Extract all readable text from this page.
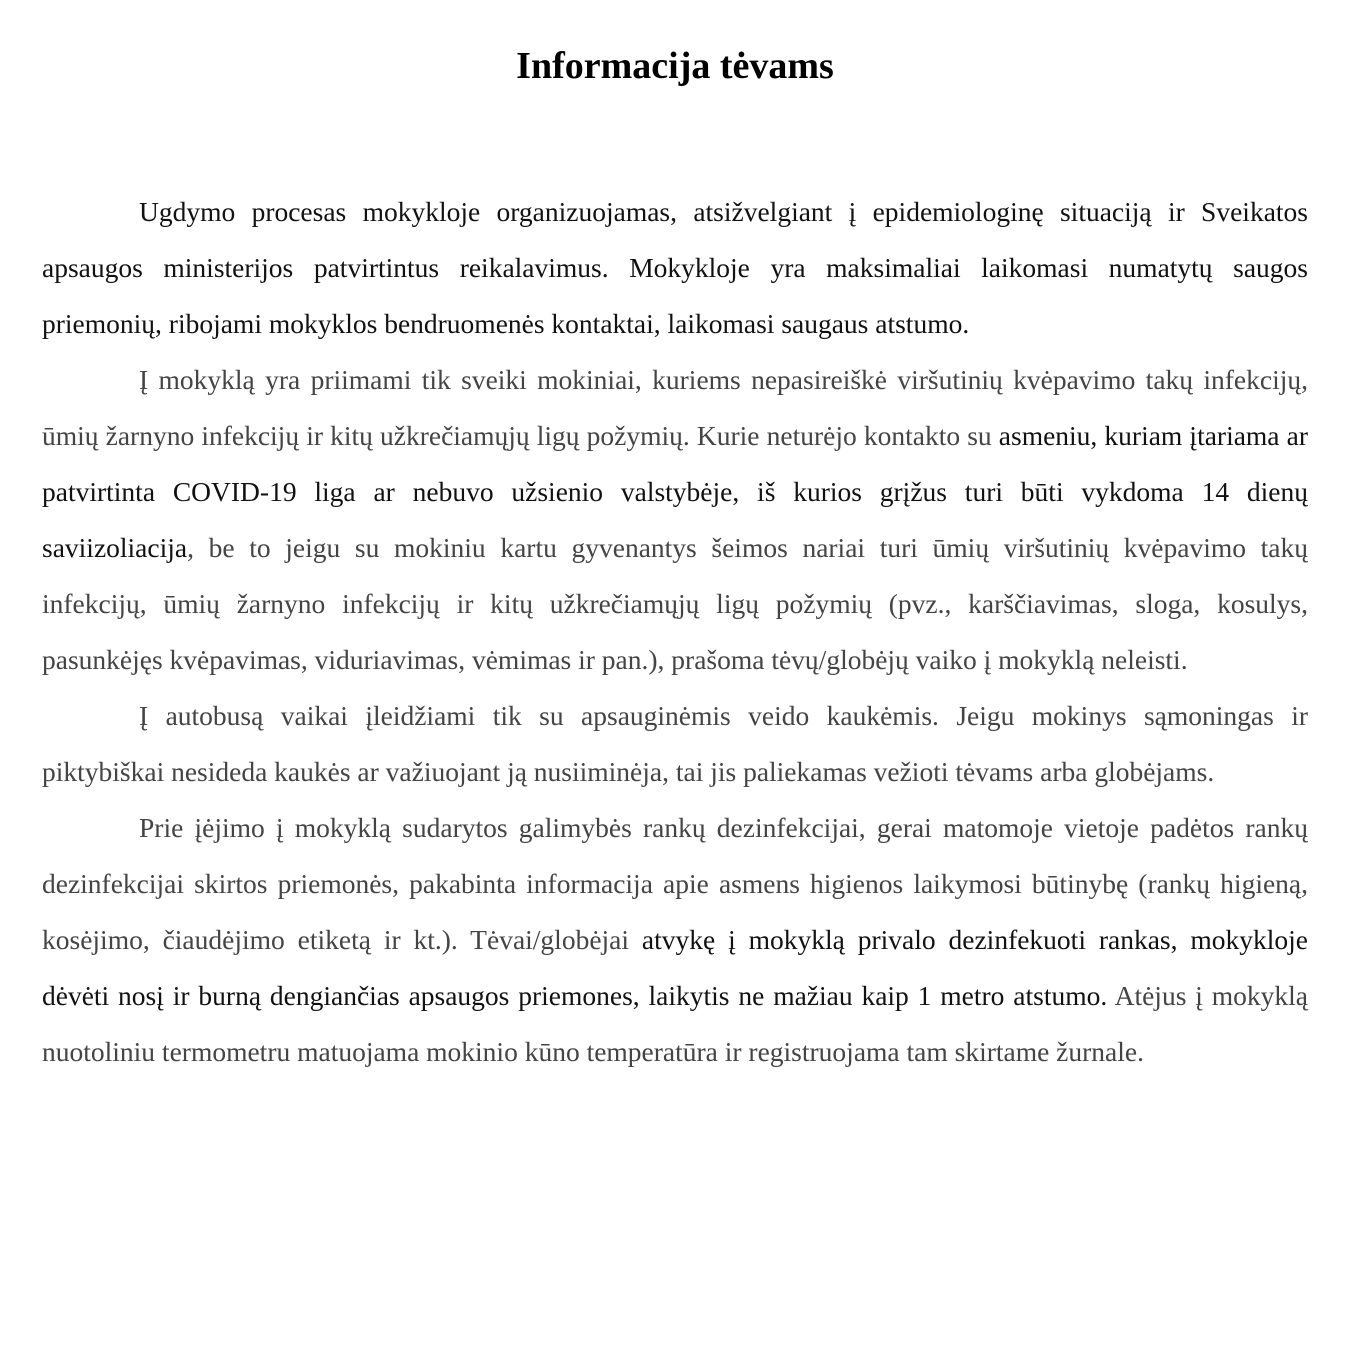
Informacija tėvams

Ugdymo procesas mokykloje organizuojamas, atsižvelgiant į epidemiologinę situaciją ir Sveikatos apsaugos ministerijos patvirtintus reikalavimus. Mokykloje yra maksimaliai laikomasi numatytų saugos priemonių, ribojami mokyklos bendruomenės kontaktai, laikomasi saugaus atstumo.

Į mokyklą yra priimami tik sveiki mokiniai, kuriems nepasireiškė viršutinių kvėpavimo takų infekcijų, ūmių žarnyno infekcijų ir kitų užkrečiamųjų ligų požymių. Kurie neturėjo kontakto su asmeniu, kuriam įtariama ar patvirtinta COVID-19 liga ar nebuvo užsienio valstybėje, iš kurios grįžus turi būti vykdoma 14 dienų saviizoliacija, be to jeigu su mokiniu kartu gyvenantys šeimos nariai turi ūmių viršutinių kvėpavimo takų infekcijų, ūmių žarnyno infekcijų ir kitų užkrečiamųjų ligų požymių (pvz., karščiavimas, sloga, kosulys, pasunkėjęs kvėpavimas, viduriavimas, vėmimas ir pan.), prašoma tėvų/globėjų vaiko į mokyklą neleisti.

Į autobusą vaikai įleidžiami tik su apsauginėmis veido kaukėmis. Jeigu mokinys sąmoningas ir piktybiškai nesideda kaukės ar važiuojant ją nusiiminėja, tai jis paliekamas vežioti tėvams arba globėjams.

Prie įėjimo į mokyklą sudarytos galimybės rankų dezinfekcijai, gerai matomoje vietoje padėtos rankų dezinfekcijai skirtos priemonės, pakabinta informacija apie asmens higienos laikymosi būtinybę (rankų higieną, kosėjimo, čiaudėjimo etiketą ir kt.). Tėvai/globėjai atvykę į mokyklą privalo dezinfekuoti rankas, mokykloje dėvėti nosį ir burną dengiančias apsaugos priemones, laikytis ne mažiau kaip 1 metro atstumo. Atėjus į mokyklą nuotoliniu termometru matuojama mokinio kūno temperatūra ir registruojama tam skirtame žurnale.
